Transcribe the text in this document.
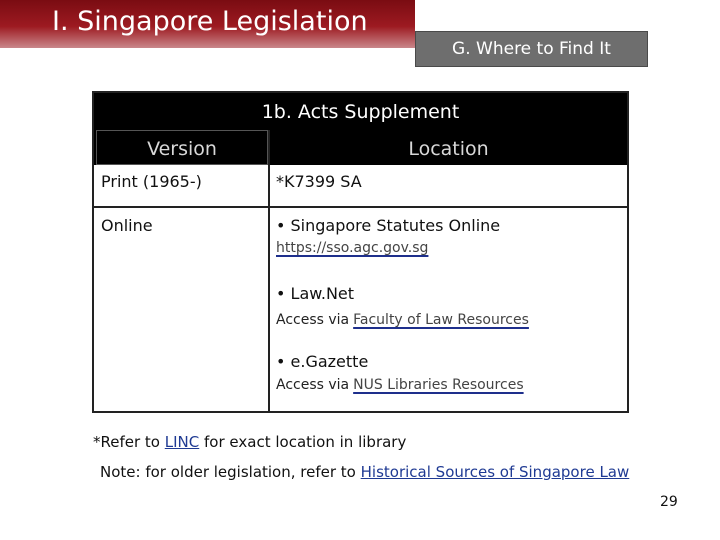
I. Singapore Legislation
G. Where to Find It
1b. Acts Supplement
Version	Location
Print (1965-)	*K7399 SA
Online	• Singapore Statutes Online
https://sso.agc.gov.sg
• Law.Net
Access via Faculty of Law Resources
• e.Gazette
Access via NUS Libraries Resources
*Refer to LINC for exact location in library
Note: for older legislation, refer to Historical Sources of Singapore Law
29
